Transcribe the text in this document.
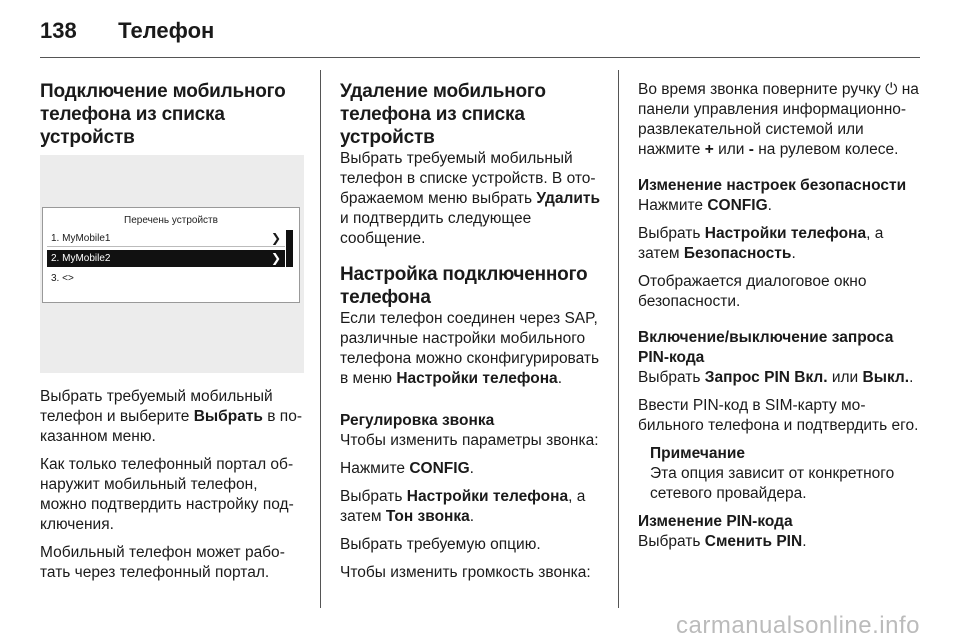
138 Телефон
Подключение мобильного телефона из списка устройств
Перечень устройств
1. MyMobile1	❯
2. MyMobile2	❯
3. <>

Выбрать требуемый мобильный телефон и выберите Выбрать в показанном меню.

Как только телефонный портал обнаружит мобильный телефон, можно подтвердить настройку подключения.

Мобильный телефон может работать через телефонный портал.

Удаление мобильного телефона из списка устройств

Выбрать требуемый мобильный телефон в списке устройств. В отображаемом меню выбрать Удалить и подтвердить следующее сообщение.

Настройка подключенного телефона

Если телефон соединен через SAP, различные настройки мобильного телефона можно сконфигурировать в меню Настройки телефона.

Регулировка звонка

Чтобы изменить параметры звонка:

Нажмите CONFIG.

Выбрать Настройки телефона, а затем Тон звонка.

Выбрать требуемую опцию.

Чтобы изменить громкость звонка:

Во время звонка поверните ручку ⏻ на панели управления информационно-развлекательной системой или нажмите + или - на рулевом колесе.

Изменение настроек безопасности

Нажмите CONFIG.

Выбрать Настройки телефона, а затем Безопасность.

Отображается диалоговое окно безопасности.

Включение/выключение запроса PIN-кода

Выбрать Запрос PIN Вкл. или Выкл..

Ввести PIN-код в SIM-карту мобильного телефона и подтвердить его.

Примечание

Эта опция зависит от конкретного сетевого провайдера.

Изменение PIN-кода

Выбрать Сменить PIN.

carmanualsonline.info
